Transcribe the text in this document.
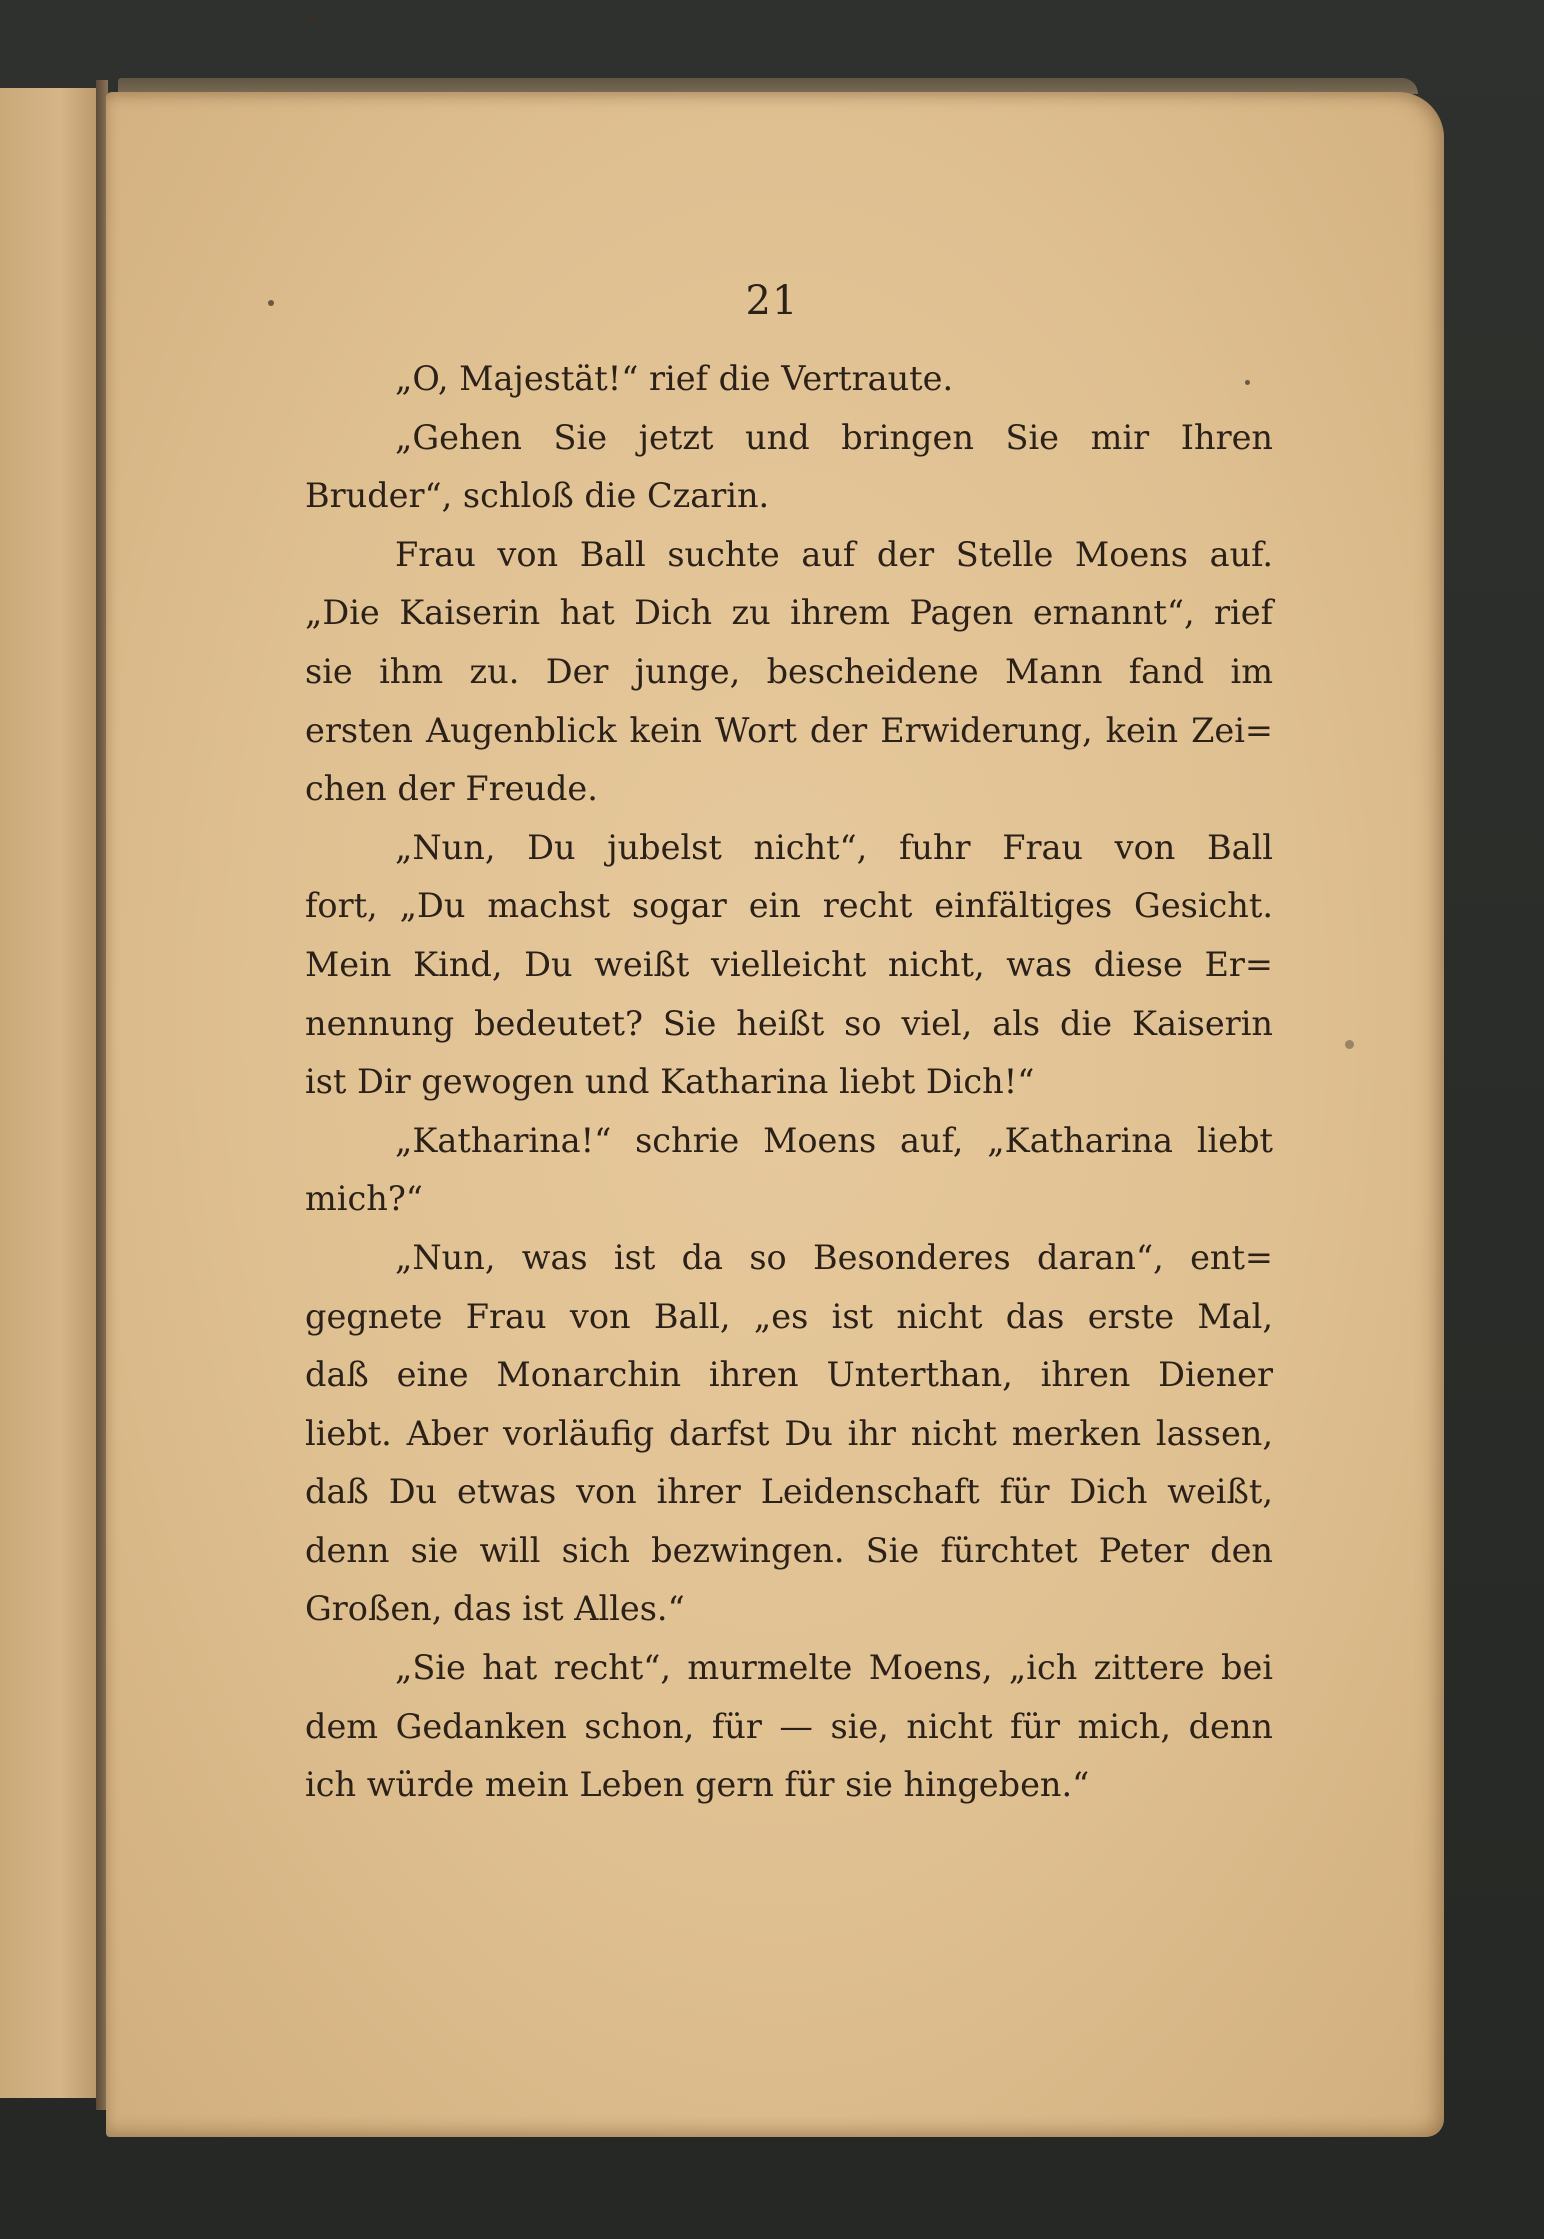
21
„O, Majestät!“ rief die Vertraute.
„Gehen Sie jetzt und bringen Sie mir Ihren
Bruder“, schloß die Czarin.
Frau von Ball suchte auf der Stelle Moens auf.
„Die Kaiserin hat Dich zu ihrem Pagen ernannt“, rief
sie ihm zu. Der junge, bescheidene Mann fand im
ersten Augenblick kein Wort der Erwiderung, kein Zei=
chen der Freude.
„Nun, Du jubelst nicht“, fuhr Frau von Ball
fort, „Du machst sogar ein recht einfältiges Gesicht.
Mein Kind, Du weißt vielleicht nicht, was diese Er=
nennung bedeutet? Sie heißt so viel, als die Kaiserin
ist Dir gewogen und Katharina liebt Dich!“
„Katharina!“ schrie Moens auf, „Katharina liebt
mich?“
„Nun, was ist da so Besonderes daran“, ent=
gegnete Frau von Ball, „es ist nicht das erste Mal,
daß eine Monarchin ihren Unterthan, ihren Diener
liebt. Aber vorläufig darfst Du ihr nicht merken lassen,
daß Du etwas von ihrer Leidenschaft für Dich weißt,
denn sie will sich bezwingen. Sie fürchtet Peter den
Großen, das ist Alles.“
„Sie hat recht“, murmelte Moens, „ich zittere bei
dem Gedanken schon, für — sie, nicht für mich, denn
ich würde mein Leben gern für sie hingeben.“
